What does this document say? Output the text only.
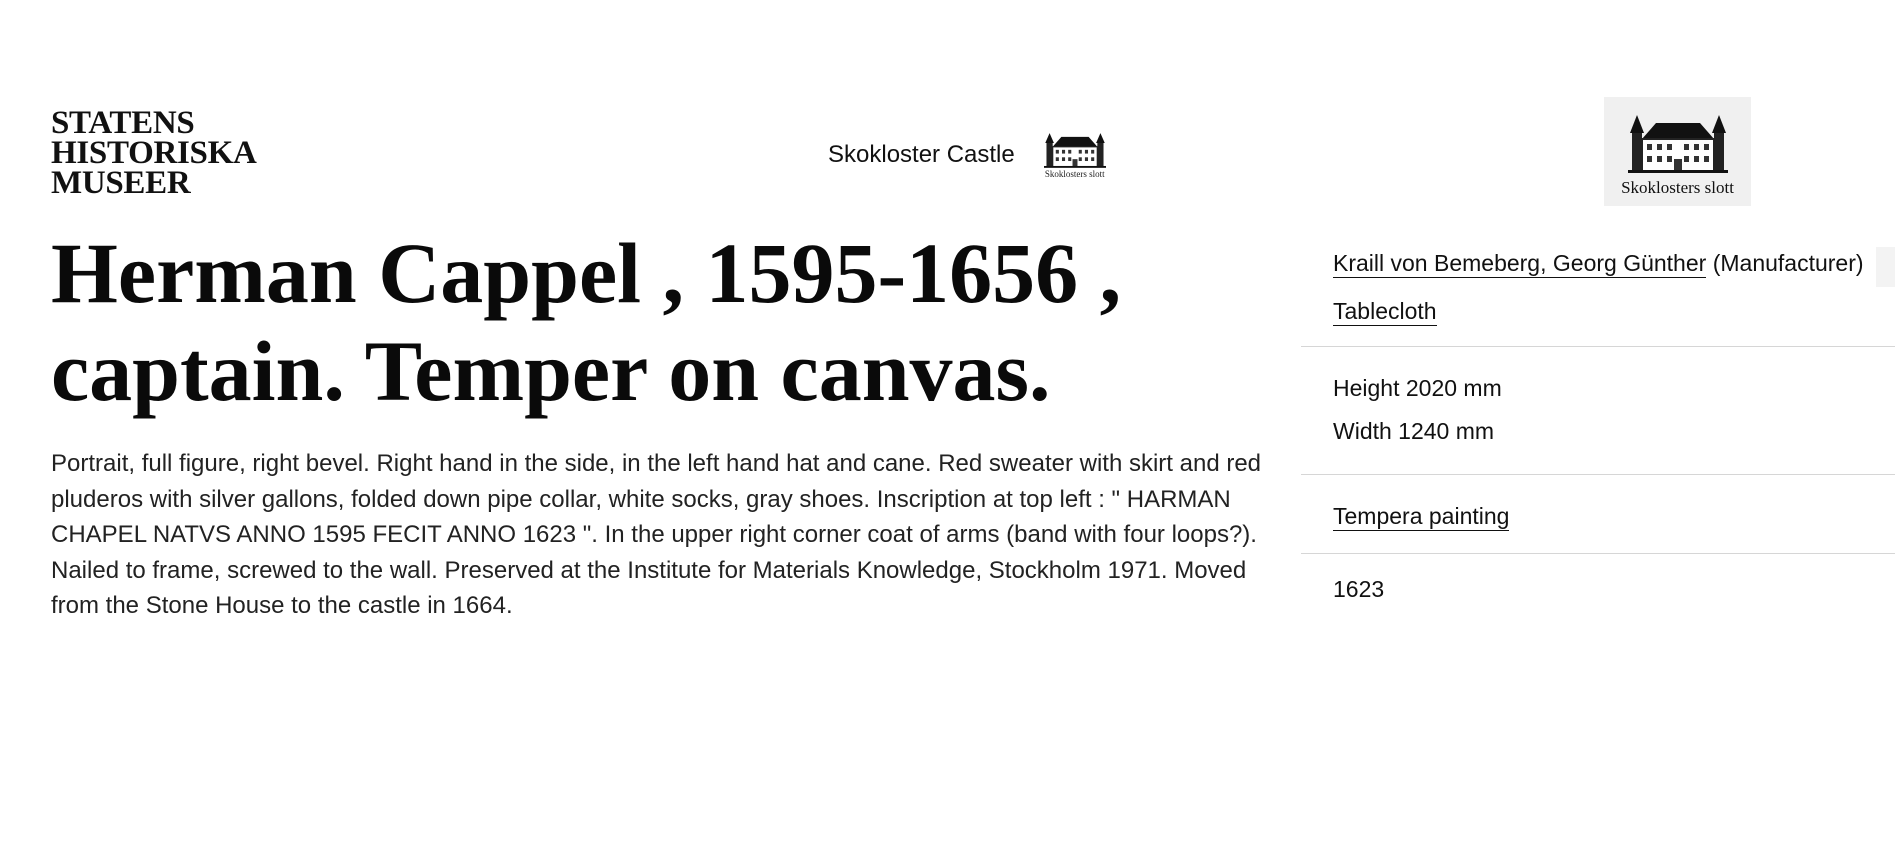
STATENS
HISTORISKA
MUSEER
Skokloster Castle
Skoklosters slott
Skoklosters slott
Herman Cappel , 1595-1656 , captain. Temper on canvas.

Portrait, full figure, right bevel. Right hand in the side, in the left hand hat and cane. Red sweater with skirt and red pluderos with silver gallons, folded down pipe collar, white socks, gray shoes. Inscription at top left : " HARMAN CHAPEL NATVS ANNO 1595 FECIT ANNO 1623 ". In the upper right corner coat of arms (band with four loops?). Nailed to frame, screwed to the wall. Preserved at the Institute for Materials Knowledge, Stockholm 1971. Moved from the Stone House to the castle in 1664.

Kraill von Bemeberg, Georg Günther (Manufacturer)
Tablecloth
Height 2020 mm
Width 1240 mm
Tempera painting
1623
